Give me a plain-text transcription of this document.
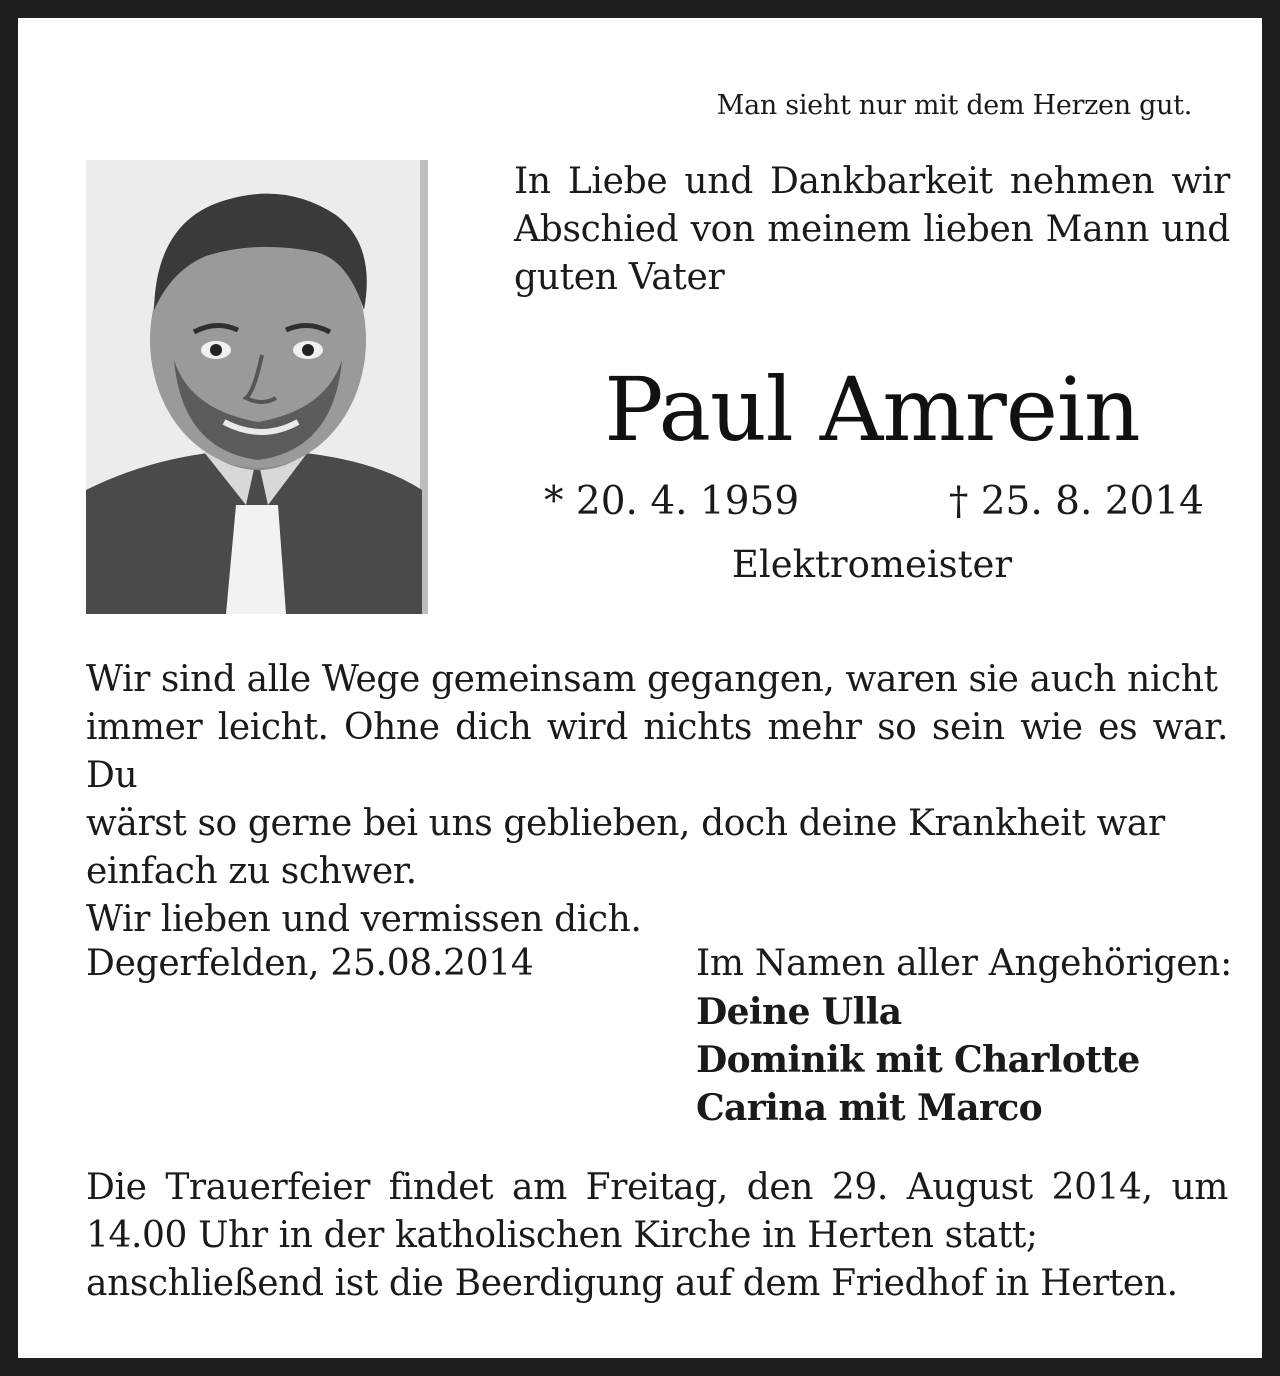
Man sieht nur mit dem Herzen gut.
In Liebe und Dankbarkeit nehmen wir Abschied von meinem lieben Mann und guten Vater
Paul Amrein
* 20. 4. 1959	† 25. 8. 2014
Elektromeister
Wir sind alle Wege gemeinsam gegangen, waren sie auch nicht
immer leicht. Ohne dich wird nichts mehr so sein wie es war. Du
wärst so gerne bei uns geblieben, doch deine Krankheit war
einfach zu schwer.
Wir lieben und vermissen dich.
Degerfelden, 25.08.2014	Im Namen aller Angehörigen:
Deine Ulla
Dominik mit Charlotte
Carina mit Marco
Die Trauerfeier findet am Freitag, den 29. August 2014, um
14.00 Uhr in der katholischen Kirche in Herten statt;
anschließend ist die Beerdigung auf dem Friedhof in Herten.
